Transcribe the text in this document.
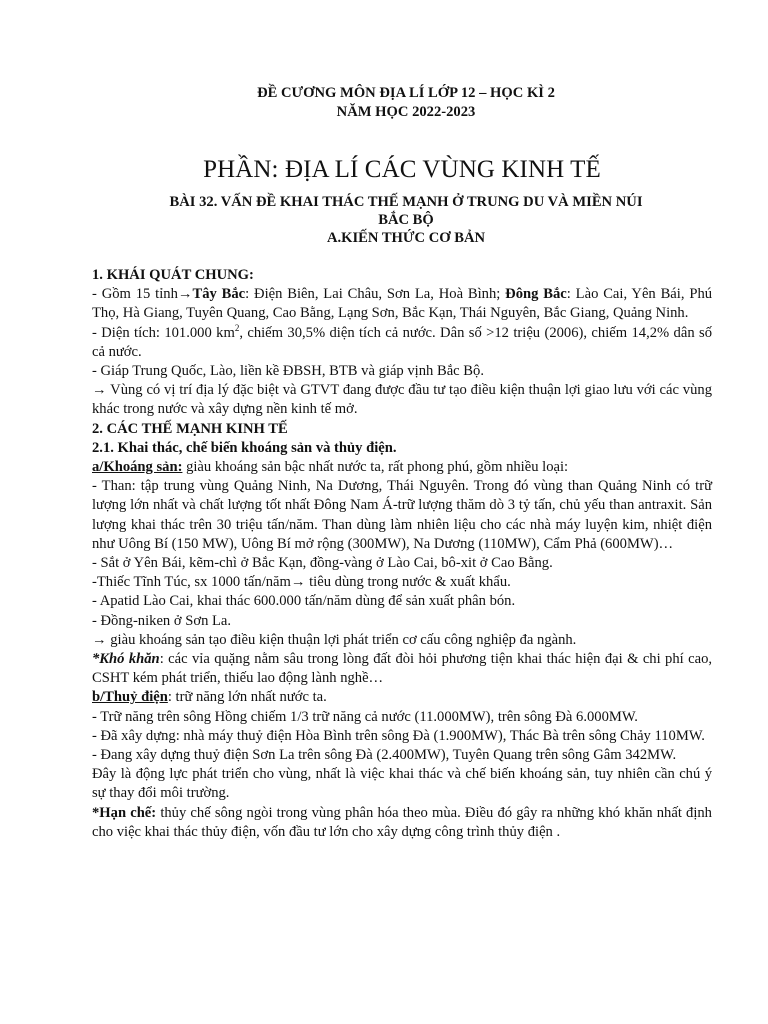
ĐỀ CƯƠNG MÔN ĐỊA LÍ LỚP 12 – HỌC KÌ 2
NĂM HỌC 2022-2023
PHẦN: ĐỊA LÍ CÁC VÙNG KINH TẾ
BÀI 32. VẤN ĐỀ KHAI THÁC THẾ MẠNH Ở TRUNG DU VÀ MIỀN NÚI
BẮC BỘ
A.KIẾN THỨC CƠ BẢN

1. KHÁI QUÁT CHUNG:

- Gồm 15 tỉnh→Tây Bắc: Điện Biên, Lai Châu, Sơn La, Hoà Bình; Đông Bắc: Lào Cai, Yên Bái, Phú Thọ, Hà Giang, Tuyên Quang, Cao Bằng, Lạng Sơn, Bắc Kạn, Thái Nguyên, Bắc Giang, Quảng Ninh.

- Diện tích: 101.000 $km^2$, chiếm 30,5% diện tích cả nước. Dân số >12 triệu (2006), chiếm 14,2% dân số cả nước.

- Giáp Trung Quốc, Lào, liền kề ĐBSH, BTB và giáp vịnh Bắc Bộ.

→ Vùng có vị trí địa lý đặc biệt và GTVT đang được đầu tư tạo điều kiện thuận lợi giao lưu với các vùng khác trong nước và xây dựng nền kinh tế mở.

2. CÁC THẾ MẠNH KINH TẾ

2.1. Khai thác, chế biến khoáng sản và thủy điện.

a/Khoáng sản: giàu khoáng sản bậc nhất nước ta, rất phong phú, gồm nhiều loại:

- Than: tập trung vùng Quảng Ninh, Na Dương, Thái Nguyên. Trong đó vùng than Quảng Ninh có trữ lượng lớn nhất và chất lượng tốt nhất Đông Nam Á-trữ lượng thăm dò 3 tỷ tấn, chủ yếu than antraxit. Sản lượng khai thác trên 30 triệu tấn/năm. Than dùng làm nhiên liệu cho các nhà máy luyện kim, nhiệt điện như Uông Bí (150 MW), Uông Bí mở rộng (300MW), Na Dương (110MW), Cẩm Phả (600MW)…

- Sắt ở Yên Bái, kẽm-chì ở Bắc Kạn, đồng-vàng ở Lào Cai, bô-xit ở Cao Bằng.

-Thiếc Tĩnh Túc, sx 1000 tấn/năm→ tiêu dùng trong nước & xuất khẩu.

- Apatid Lào Cai, khai thác 600.000 tấn/năm dùng để sản xuất phân bón.

- Đồng-niken ở Sơn La.

→ giàu khoáng sản tạo điều kiện thuận lợi phát triển cơ cấu công nghiệp đa ngành.

*Khó khăn: các vỉa quặng nằm sâu trong lòng đất đòi hỏi phương tiện khai thác hiện đại & chi phí cao, CSHT kém phát triển, thiếu lao động lành nghề…

b/Thuỷ điện: trữ năng lớn nhất nước ta.

- Trữ năng trên sông Hồng chiếm 1/3 trữ năng cả nước (11.000MW), trên sông Đà 6.000MW.

- Đã xây dựng: nhà máy thuỷ điện Hòa Bình trên sông Đà (1.900MW), Thác Bà trên sông Chảy 110MW.

- Đang xây dựng thuỷ điện Sơn La trên sông Đà (2.400MW), Tuyên Quang trên sông Gâm 342MW.

Đây là động lực phát triển cho vùng, nhất là việc khai thác và chế biến khoáng sản, tuy nhiên cần chú ý sự thay đổi môi trường.

*Hạn chế: thủy chế sông ngòi trong vùng phân hóa theo mùa. Điều đó gây ra những khó khăn nhất định cho việc khai thác thủy điện, vốn đầu tư lớn cho xây dựng công trình thủy điện .
